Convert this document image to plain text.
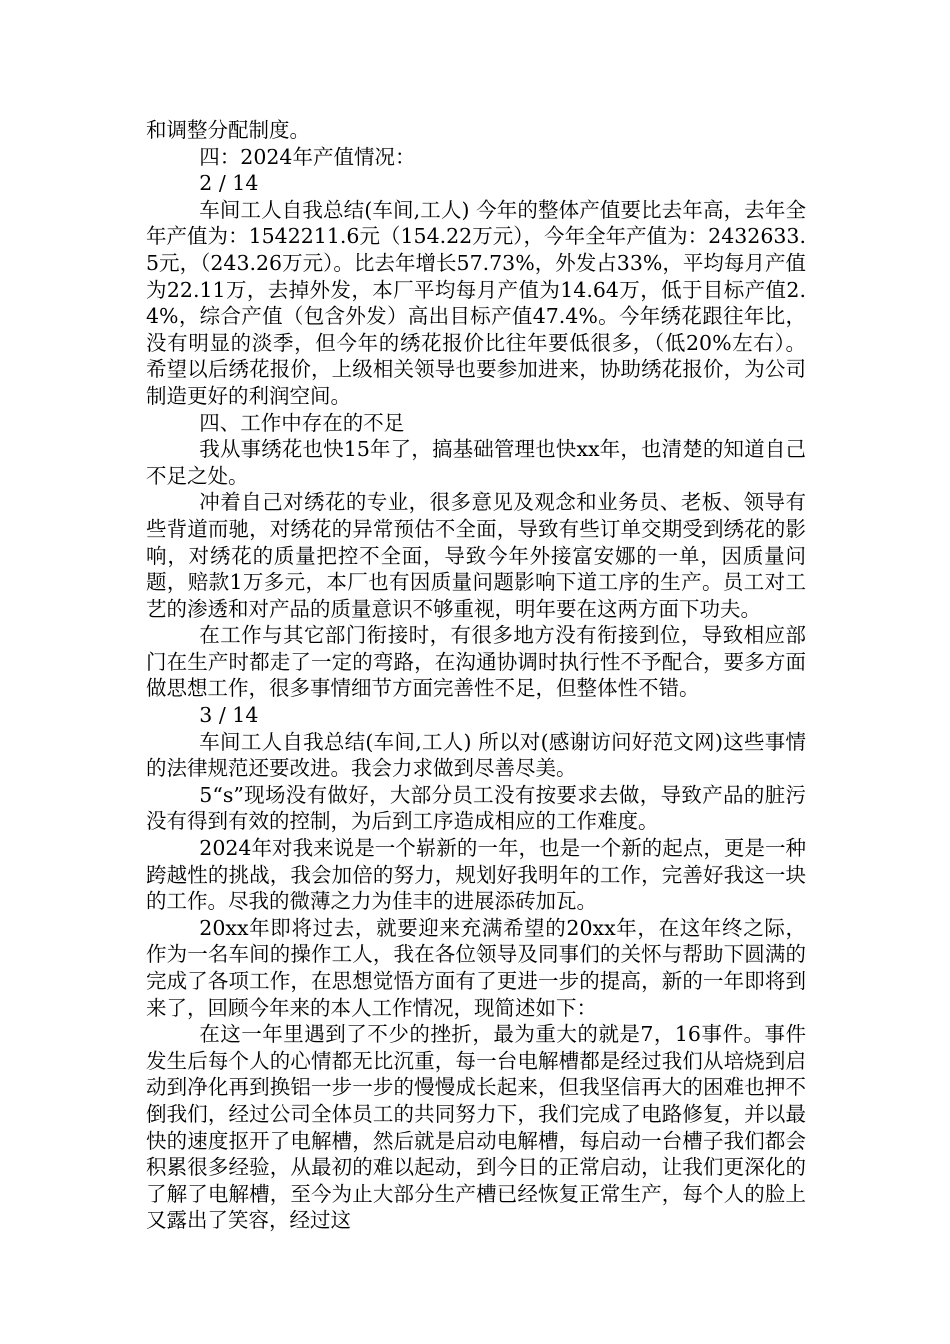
和调整分配制度。

四：2024年产值情况：

2 / 14

车间工人自我总结(车间,工人) 今年的整体产值要比去年高，去年全年产值为：1542211.6元（154.22万元），今年全年产值为：2432633.5元，（243.26万元）。比去年增长57.73%，外发占33%，平均每月产值为22.11万，去掉外发，本厂平均每月产值为14.64万，低于目标产值2.4%，综合产值（包含外发）高出目标产值47.4%。今年绣花跟往年比，没有明显的淡季，但今年的绣花报价比往年要低很多，（低20%左右）。希望以后绣花报价，上级相关领导也要参加进来，协助绣花报价，为公司制造更好的利润空间。

四、工作中存在的不足

我从事绣花也快15年了，搞基础管理也快xx年，也清楚的知道自己不足之处。

冲着自己对绣花的专业，很多意见及观念和业务员、老板、领导有些背道而驰，对绣花的异常预估不全面，导致有些订单交期受到绣花的影响，对绣花的质量把控不全面，导致今年外接富安娜的一单，因质量问题，赔款1万多元，本厂也有因质量问题影响下道工序的生产。员工对工艺的渗透和对产品的质量意识不够重视，明年要在这两方面下功夫。

在工作与其它部门衔接时，有很多地方没有衔接到位，导致相应部门在生产时都走了一定的弯路，在沟通协调时执行性不予配合，要多方面做思想工作，很多事情细节方面完善性不足，但整体性不错。

3 / 14

车间工人自我总结(车间,工人) 所以对(感谢访问好范文网)这些事情的法律规范还要改进。我会力求做到尽善尽美。

5“s”现场没有做好，大部分员工没有按要求去做，导致产品的脏污没有得到有效的控制，为后到工序造成相应的工作难度。

2024年对我来说是一个崭新的一年，也是一个新的起点，更是一种跨越性的挑战，我会加倍的努力，规划好我明年的工作，完善好我这一块的工作。尽我的微薄之力为佳丰的进展添砖加瓦。

20xx年即将过去，就要迎来充满希望的20xx年，在这年终之际，作为一名车间的操作工人，我在各位领导及同事们的关怀与帮助下圆满的完成了各项工作，在思想觉悟方面有了更进一步的提高，新的一年即将到来了，回顾今年来的本人工作情况，现简述如下：

在这一年里遇到了不少的挫折，最为重大的就是7，16事件。事件发生后每个人的心情都无比沉重，每一台电解槽都是经过我们从培烧到启动到净化再到换铝一步一步的慢慢成长起来，但我坚信再大的困难也押不倒我们，经过公司全体员工的共同努力下，我们完成了电路修复，并以最快的速度抠开了电解槽，然后就是启动电解槽，每启动一台槽子我们都会积累很多经验，从最初的难以起动，到今日的正常启动，让我们更深化的了解了电解槽，至今为止大部分生产槽已经恢复正常生产，每个人的脸上又露出了笑容，经过这
